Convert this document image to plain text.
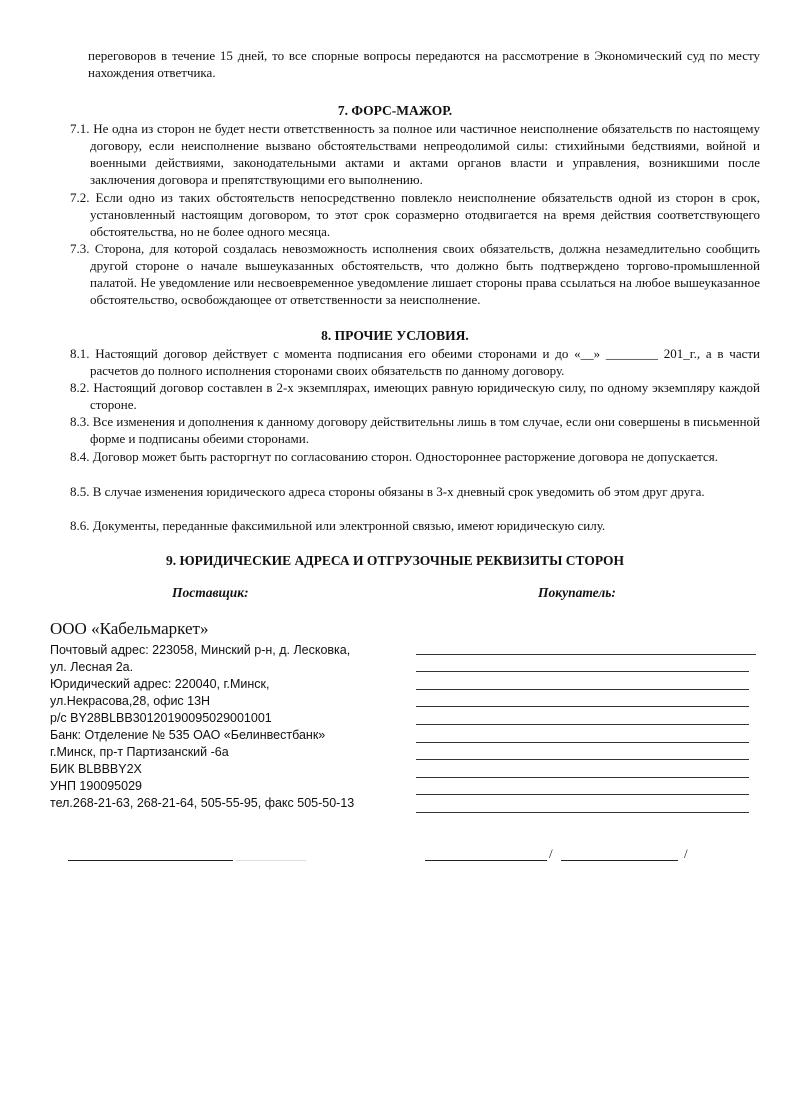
переговоров в течение 15 дней, то все спорные вопросы передаются на рассмотрение в Экономический суд по месту нахождения ответчика.
7. ФОРС-МАЖОР.
7.1. Не одна из сторон не будет нести ответственность за полное или частичное неисполнение обязательств по настоящему договору, если неисполнение вызвано обстоятельствами непреодолимой силы: стихийными бедствиями, войной и военными действиями, законодательными актами и актами органов власти и управления, возникшими после заключения договора и препятствующими его выполнению.
7.2. Если одно из таких обстоятельств непосредственно повлекло неисполнение обязательств одной из сторон в срок, установленный настоящим договором, то этот срок соразмерно отодвигается на время действия соответствующего обстоятельства, но не более одного месяца.
7.3. Сторона, для которой создалась невозможность исполнения своих обязательств, должна незамедлительно сообщить другой стороне о начале вышеуказанных обстоятельств, что должно быть подтверждено торгово-промышленной палатой. Не уведомление или несвоевременное уведомление лишает стороны права ссылаться на любое вышеуказанное обстоятельство, освобождающее от ответственности за неисполнение.
8. ПРОЧИЕ УСЛОВИЯ.
8.1. Настоящий договор действует с момента подписания его обеими сторонами и до «__» ________ 201_г., а в части расчетов до полного исполнения сторонами своих обязательств по данному договору.
8.2. Настоящий договор составлен в 2-х экземплярах, имеющих равную юридическую силу, по одному экземпляру каждой стороне.
8.3. Все изменения и дополнения к данному договору действительны лишь в том случае, если они совершены в письменной форме и подписаны обеими сторонами.
8.4. Договор может быть расторгнут по согласованию сторон. Одностороннее расторжение договора не допускается.
8.5. В случае изменения юридического адреса стороны обязаны в 3-х дневный срок уведомить об этом друг друга.
8.6. Документы, переданные факсимильной или электронной связью, имеют юридическую силу.
9. ЮРИДИЧЕСКИЕ АДРЕСА И ОТГРУЗОЧНЫЕ РЕКВИЗИТЫ СТОРОН
Поставщик:	Покупатель:
ООО «Кабельмаркет»
Почтовый адрес: 223058, Минский р-н, д. Лесковка,
ул. Лесная 2а.
Юридический адрес: 220040, г.Минск,
ул.Некрасова,28, офис 13Н
р/с BY28BLBB30120190095029001001
Банк: Отделение № 535 ОАО «Белинвестбанк»
г.Минск, пр-т Партизанский -6а
БИК BLBBBY2X
УНП 190095029
тел.268-21-63, 268-21-64, 505-55-95, факс 505-50-13
/	/
